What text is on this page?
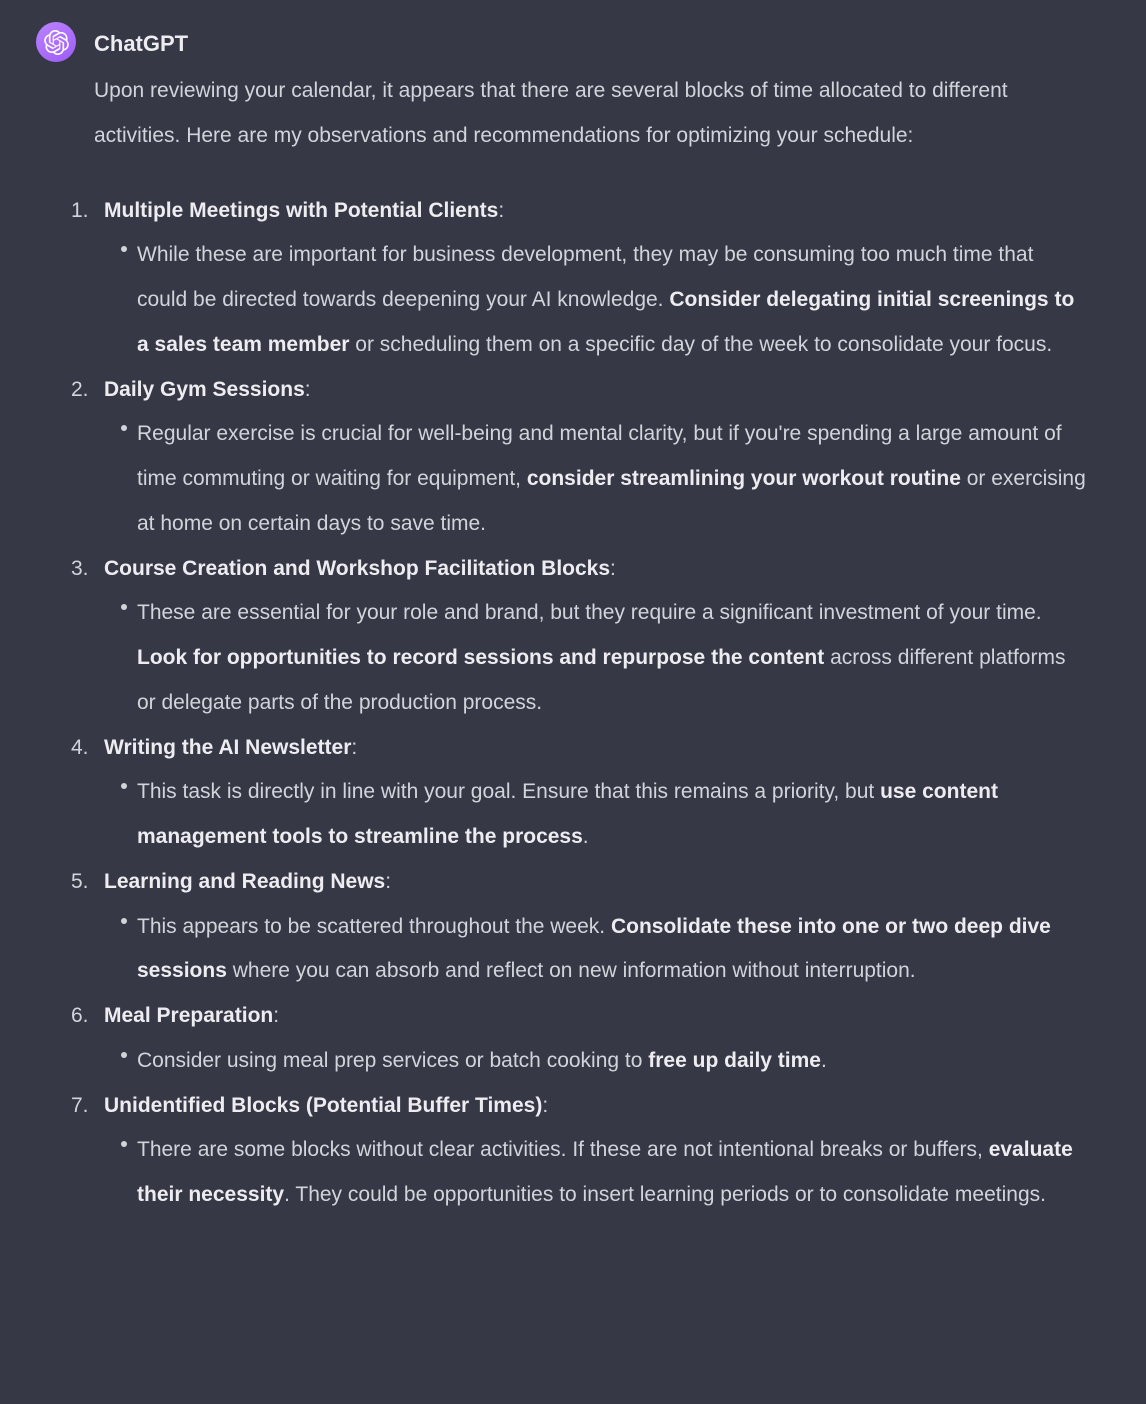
ChatGPT

Upon reviewing your calendar, it appears that there are several blocks of time allocated to different activities. Here are my observations and recommendations for optimizing your schedule:

1. Multiple Meetings with Potential Clients :
While these are important for business development, they may be consuming too much time that could be directed towards deepening your AI knowledge. Consider delegating initial screenings to a sales team member or scheduling them on a specific day of the week to consolidate your focus.
2. Daily Gym Sessions :
Regular exercise is crucial for well-being and mental clarity, but if you're spending a large amount of time commuting or waiting for equipment, consider streamlining your workout routine or exercising at home on certain days to save time.
3. Course Creation and Workshop Facilitation Blocks :
These are essential for your role and brand, but they require a significant investment of your time. Look for opportunities to record sessions and repurpose the content across different platforms or delegate parts of the production process.
4. Writing the AI Newsletter :
This task is directly in line with your goal. Ensure that this remains a priority, but use content management tools to streamline the process.
5. Learning and Reading News :
This appears to be scattered throughout the week. Consolidate these into one or two deep dive sessions where you can absorb and reflect on new information without interruption.
6. Meal Preparation :
Consider using meal prep services or batch cooking to free up daily time.
7. Unidentified Blocks (Potential Buffer Times) :
There are some blocks without clear activities. If these are not intentional breaks or buffers, evaluate their necessity. They could be opportunities to insert learning periods or to consolidate meetings.
